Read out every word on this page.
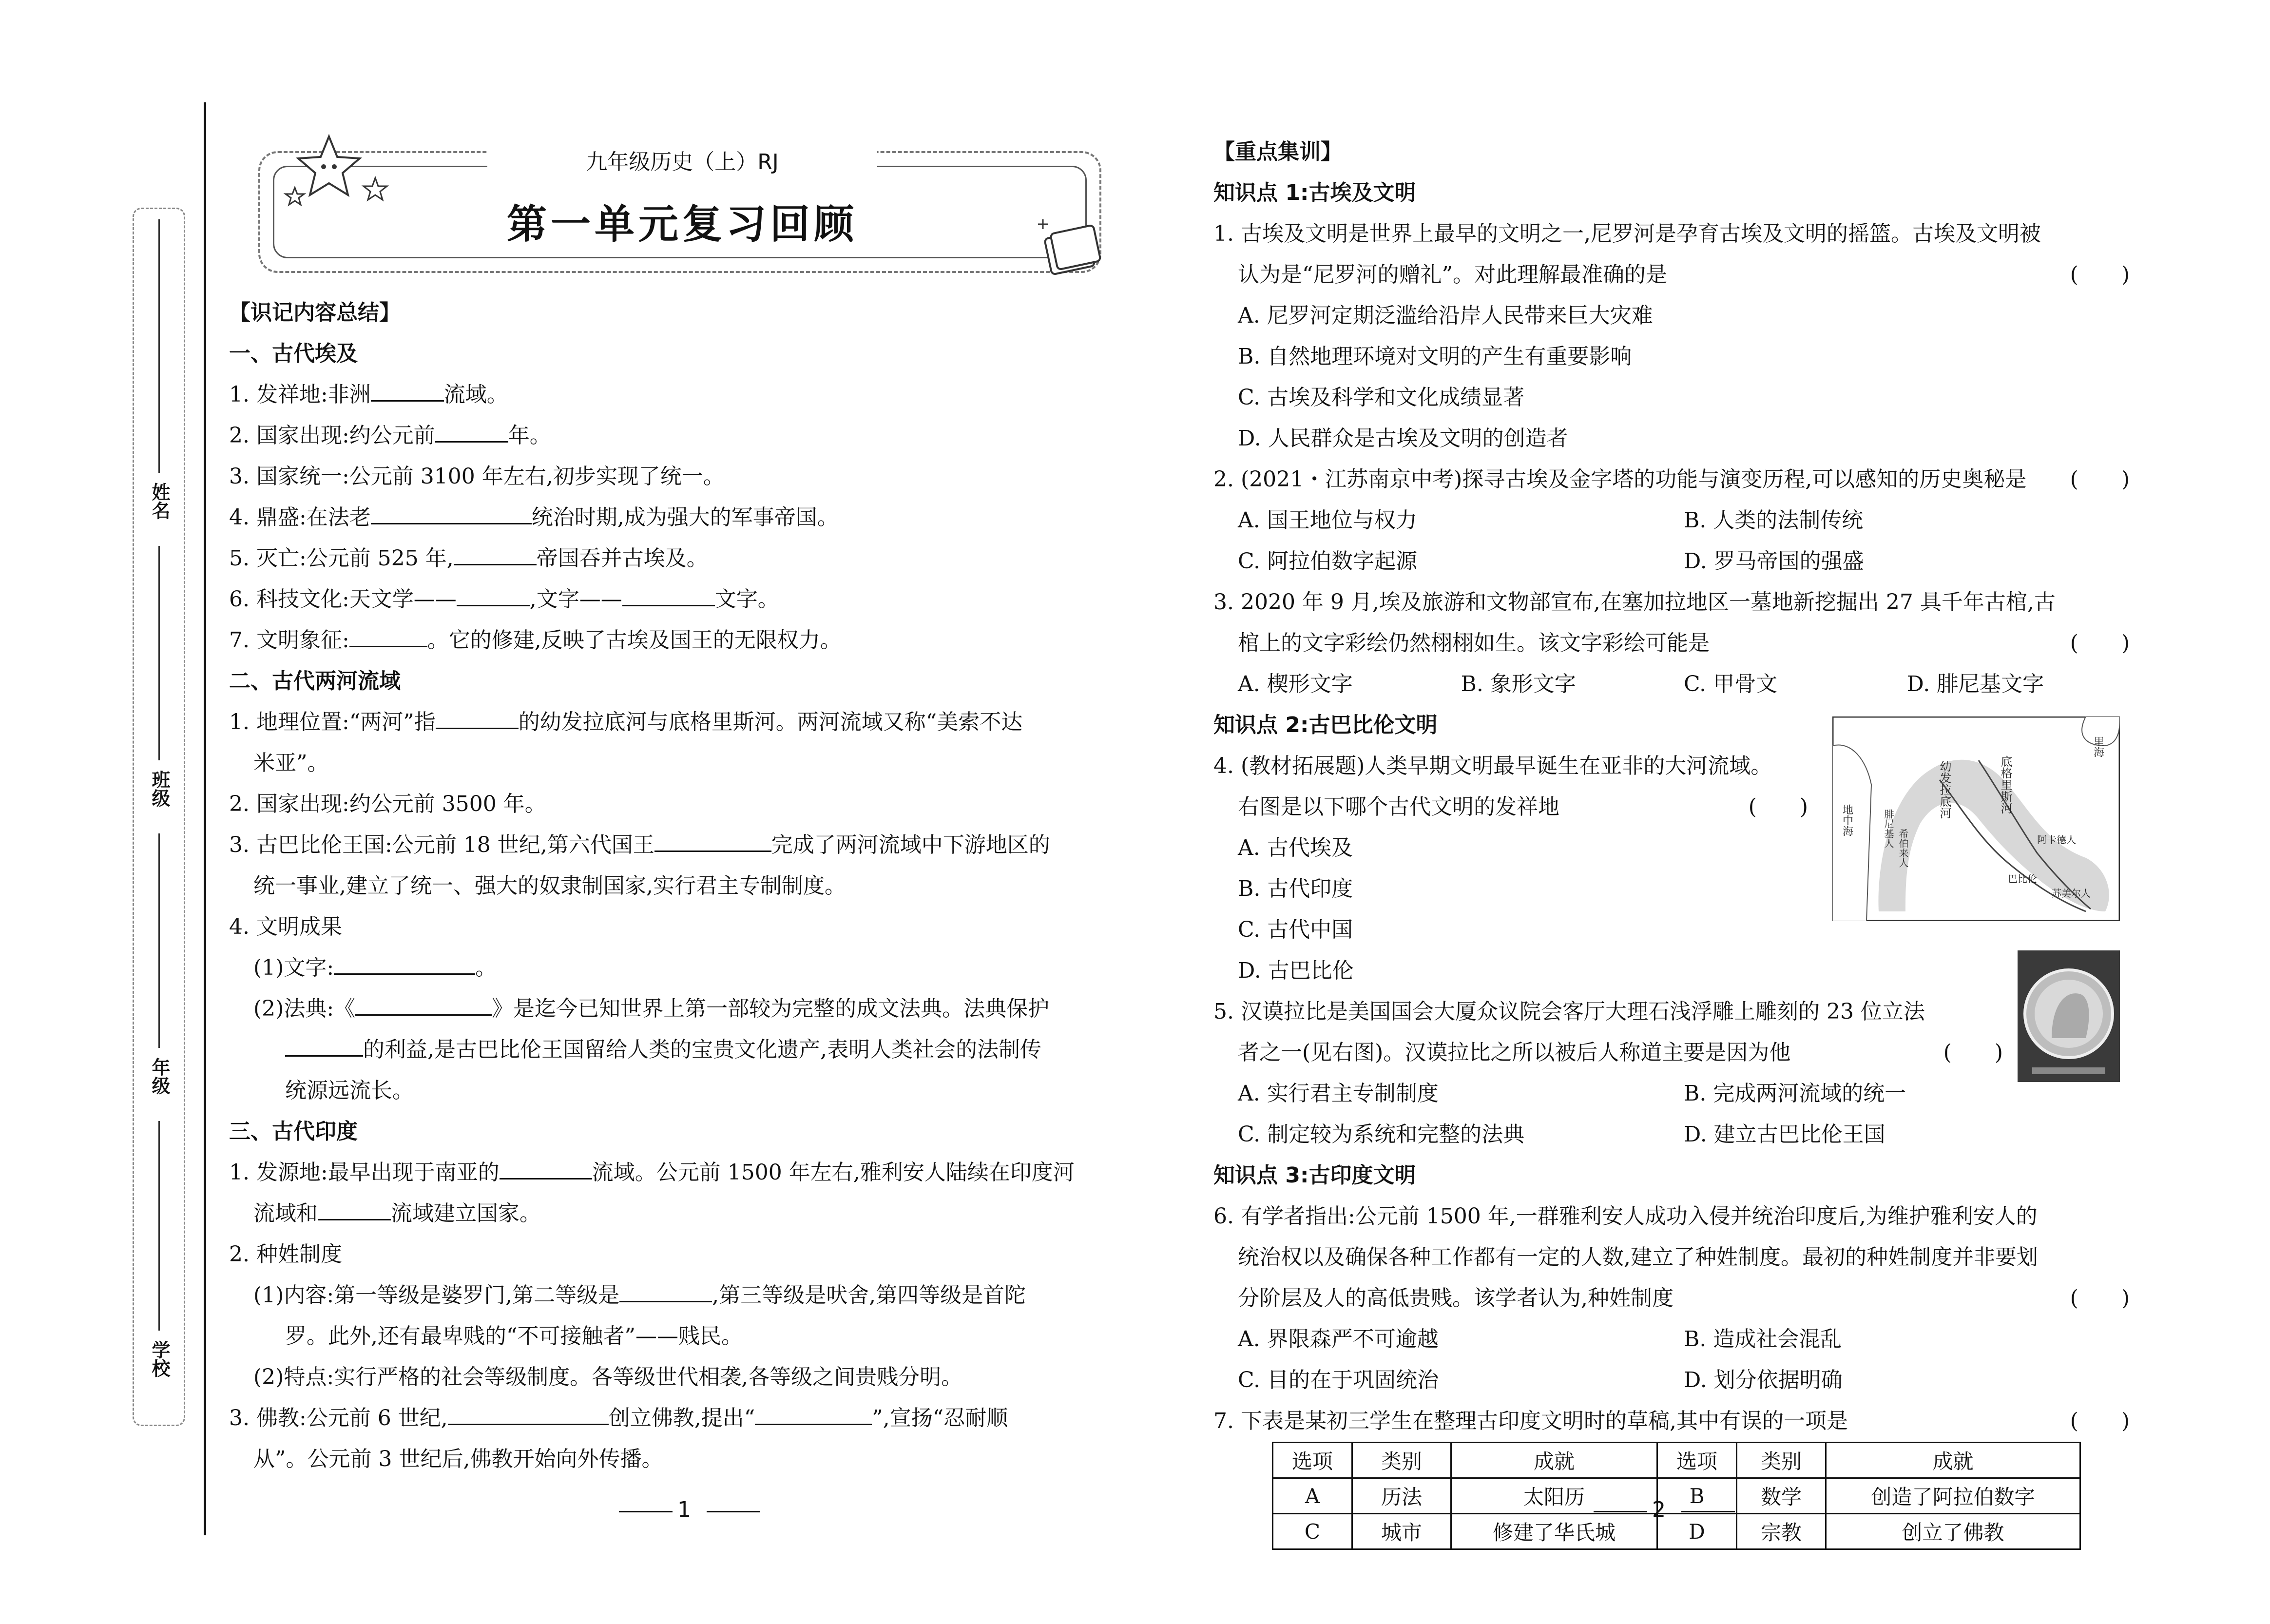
姓名
班级
年级
学校
九年级历史（上）RJ
第一单元复习回顾
【识记内容总结】
一、古代埃及
1. 发祥地:非洲	流域。
2. 国家出现:约公元前	年。
3. 国家统一:公元前 3100 年左右,初步实现了统一。
4. 鼎盛:在法老	统治时期,成为强大的军事帝国。
5. 灭亡:公元前 525 年,	帝国吞并古埃及。
6. 科技文化:天文学——	,文字——	文字。
7. 文明象征:	。它的修建,反映了古埃及国王的无限权力。
二、古代两河流域
1. 地理位置:“两河”指	的幼发拉底河与底格里斯河。两河流域又称“美索不达
米亚”。
2. 国家出现:约公元前 3500 年。
3. 古巴比伦王国:公元前 18 世纪,第六代国王	完成了两河流域中下游地区的
统一事业,建立了统一、强大的奴隶制国家,实行君主专制制度。
4. 文明成果
(1)文字:	。
(2)法典:《	》是迄今已知世界上第一部较为完整的成文法典。法典保护
的利益,是古巴比伦王国留给人类的宝贵文化遗产,表明人类社会的法制传
统源远流长。
三、古代印度
1. 发源地:最早出现于南亚的	流域。公元前 1500 年左右,雅利安人陆续在印度河
流域和	流域建立国家。
2. 种姓制度
(1)内容:第一等级是婆罗门,第二等级是	,第三等级是吠舍,第四等级是首陀
罗。此外,还有最卑贱的“不可接触者”——贱民。
(2)特点:实行严格的社会等级制度。各等级世代相袭,各等级之间贵贱分明。
3. 佛教:公元前 6 世纪,	创立佛教,提出“	”,宣扬“忍耐顺
从”。公元前 3 世纪后,佛教开始向外传播。
1
【重点集训】
知识点 1:古埃及文明
1. 古埃及文明是世界上最早的文明之一,尼罗河是孕育古埃及文明的摇篮。古埃及文明被
认为是“尼罗河的赠礼”。对此理解最准确的是	(　　)
A. 尼罗河定期泛滥给沿岸人民带来巨大灾难
B. 自然地理环境对文明的产生有重要影响
C. 古埃及科学和文化成绩显著
D. 人民群众是古埃及文明的创造者
2. (2021・江苏南京中考)探寻古埃及金字塔的功能与演变历程,可以感知的历史奥秘是 (　　)
A. 国王地位与权力	B. 人类的法制传统
C. 阿拉伯数字起源	D. 罗马帝国的强盛
3. 2020 年 9 月,埃及旅游和文物部宣布,在塞加拉地区一墓地新挖掘出 27 具千年古棺,古
棺上的文字彩绘仍然栩栩如生。该文字彩绘可能是	(　　)
A. 楔形文字	B. 象形文字	C. 甲骨文	D. 腓尼基文字
知识点 2:古巴比伦文明
4. (教材拓展题)人类早期文明最早诞生在亚非的大河流域。
右图是以下哪个古代文明的发祥地	(　　)
A. 古代埃及
B. 古代印度
C. 古代中国
D. 古巴比伦
5. 汉谟拉比是美国国会大厦众议院会客厅大理石浅浮雕上雕刻的 23 位立法
者之一(见右图)。汉谟拉比之所以被后人称道主要是因为他	(　　)
A. 实行君主专制制度	B. 完成两河流域的统一
C. 制定较为系统和完整的法典	D. 建立古巴比伦王国
知识点 3:古印度文明
6. 有学者指出:公元前 1500 年,一群雅利安人成功入侵并统治印度后,为维护雅利安人的
统治权以及确保各种工作都有一定的人数,建立了种姓制度。最初的种姓制度并非要划
分阶层及人的高低贵贱。该学者认为,种姓制度	(　　)
A. 界限森严不可逾越	B. 造成社会混乱
C. 目的在于巩固统治	D. 划分依据明确
7. 下表是某初三学生在整理古印度文明时的草稿,其中有误的一项是	(　　)
选项	类别	成就	选项	类别	成就
A	历法	太阳历	B	数学	创造了阿拉伯数字
C	城市	修建了华氏城	D	宗教	创立了佛教
里海
地中海
幼发拉底河	底格里斯河
腓尼基人 希伯来人	阿卡德人
巴比伦
苏美尔人
2
